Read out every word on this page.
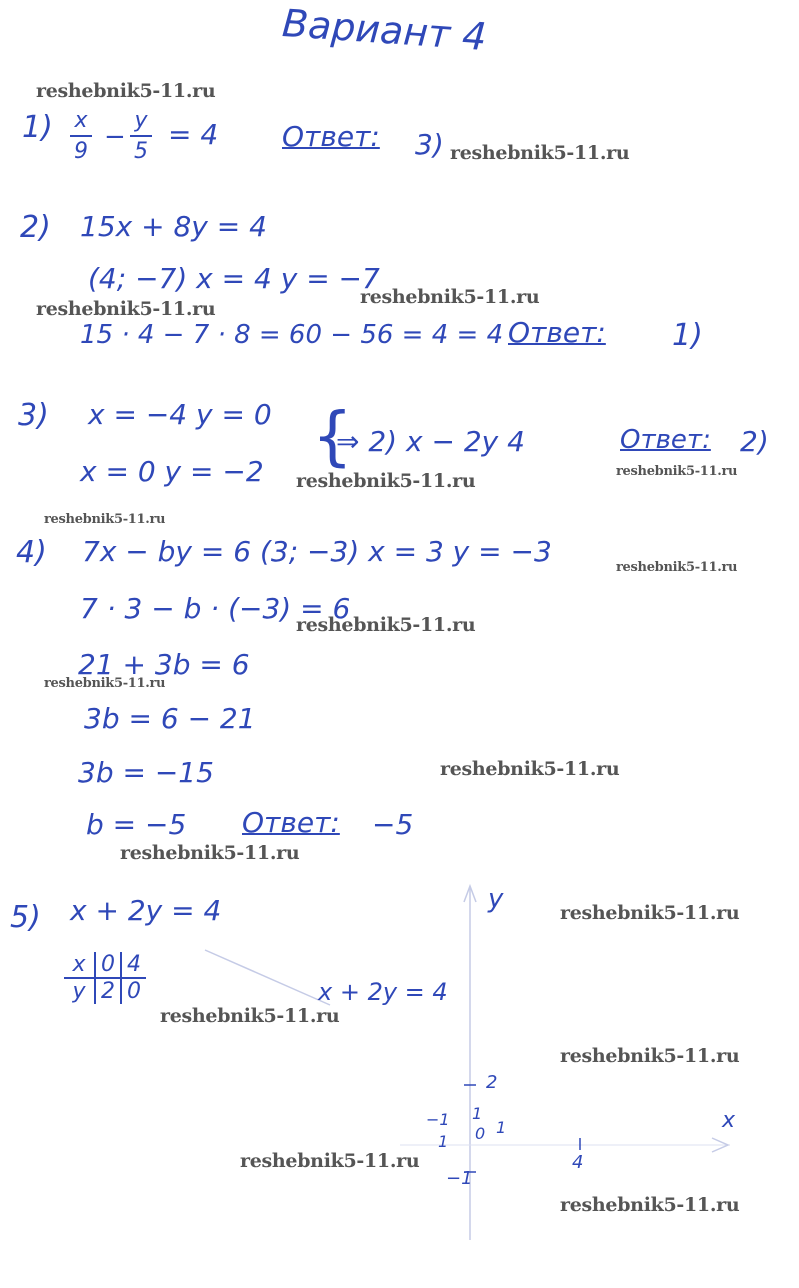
Вариант 4
1) x
9 −
y
5
= 4 Ответ: 3)
2) 15x + 8y = 4
(4; −7) x = 4 y = −7
15 · 4 − 7 · 8 = 60 − 56 = 4 = 4 Ответ: 1)
3) x = −4 y = 0
x = 0 y = −2 {
⇒ 2) x − 2y 4	Ответ: 2)
4) 7x − by = 6 (3; −3) x = 3 y = −3
7 · 3 − b · (−3) = 6
21 + 3b = 6
3b = 6 − 21
3b = −15
b = −5 Ответ: −5
5) x + 2y = 4
x 0 4
y 2 0	x + 2y = 4
y
x
2
1
−1
1 0 1
4
−1
reshebnik5-11.ru
reshebnik5-11.ru
reshebnik5-11.ru
reshebnik5-11.ru
reshebnik5-11.ru	reshebnik5-11.ru
reshebnik5-11.ru
reshebnik5-11.ru
reshebnik5-11.ru
reshebnik5-11.ru
reshebnik5-11.ru
reshebnik5-11.ru
reshebnik5-11.ru
reshebnik5-11.ru
reshebnik5-11.ru
reshebnik5-11.ru
reshebnik5-11.ru
